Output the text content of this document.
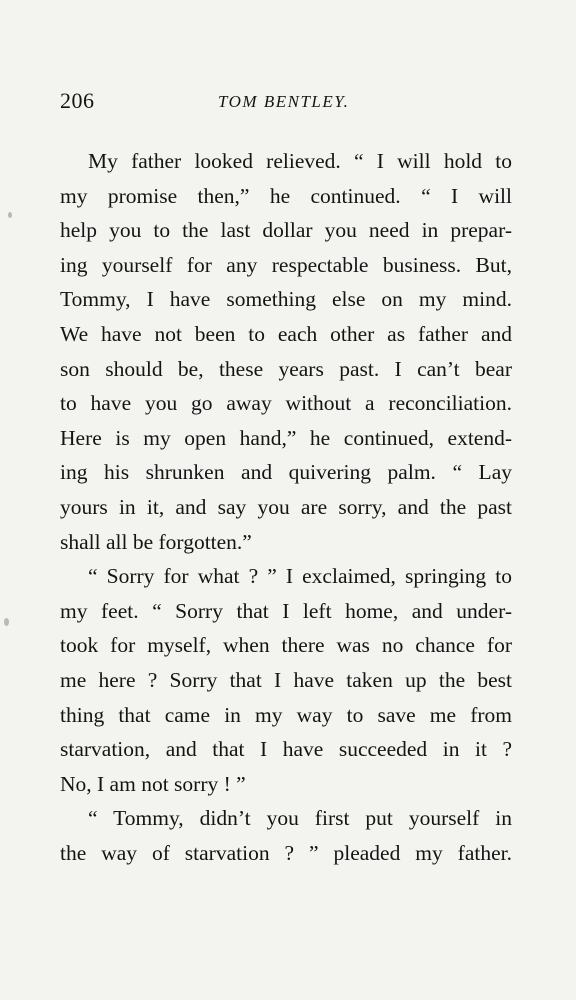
206	TOM BENTLEY.
My father looked relieved. “ I will hold to
my promise then,” he continued. “ I will
help you to the last dollar you need in prepar-
ing yourself for any respectable business. But,
Tommy, I have something else on my mind.
We have not been to each other as father and
son should be, these years past. I can’t bear
to have you go away without a reconciliation.
Here is my open hand,” he continued, extend-
ing his shrunken and quivering palm. “ Lay
yours in it, and say you are sorry, and the past
shall all be forgotten.”
“ Sorry for what ? ” I exclaimed, springing to
my feet. “ Sorry that I left home, and under-
took for myself, when there was no chance for
me here ? Sorry that I have taken up the best
thing that came in my way to save me from
starvation, and that I have succeeded in it ?
No, I am not sorry ! ”
“ Tommy, didn’t you first put yourself in
the way of starvation ? ” pleaded my father.
